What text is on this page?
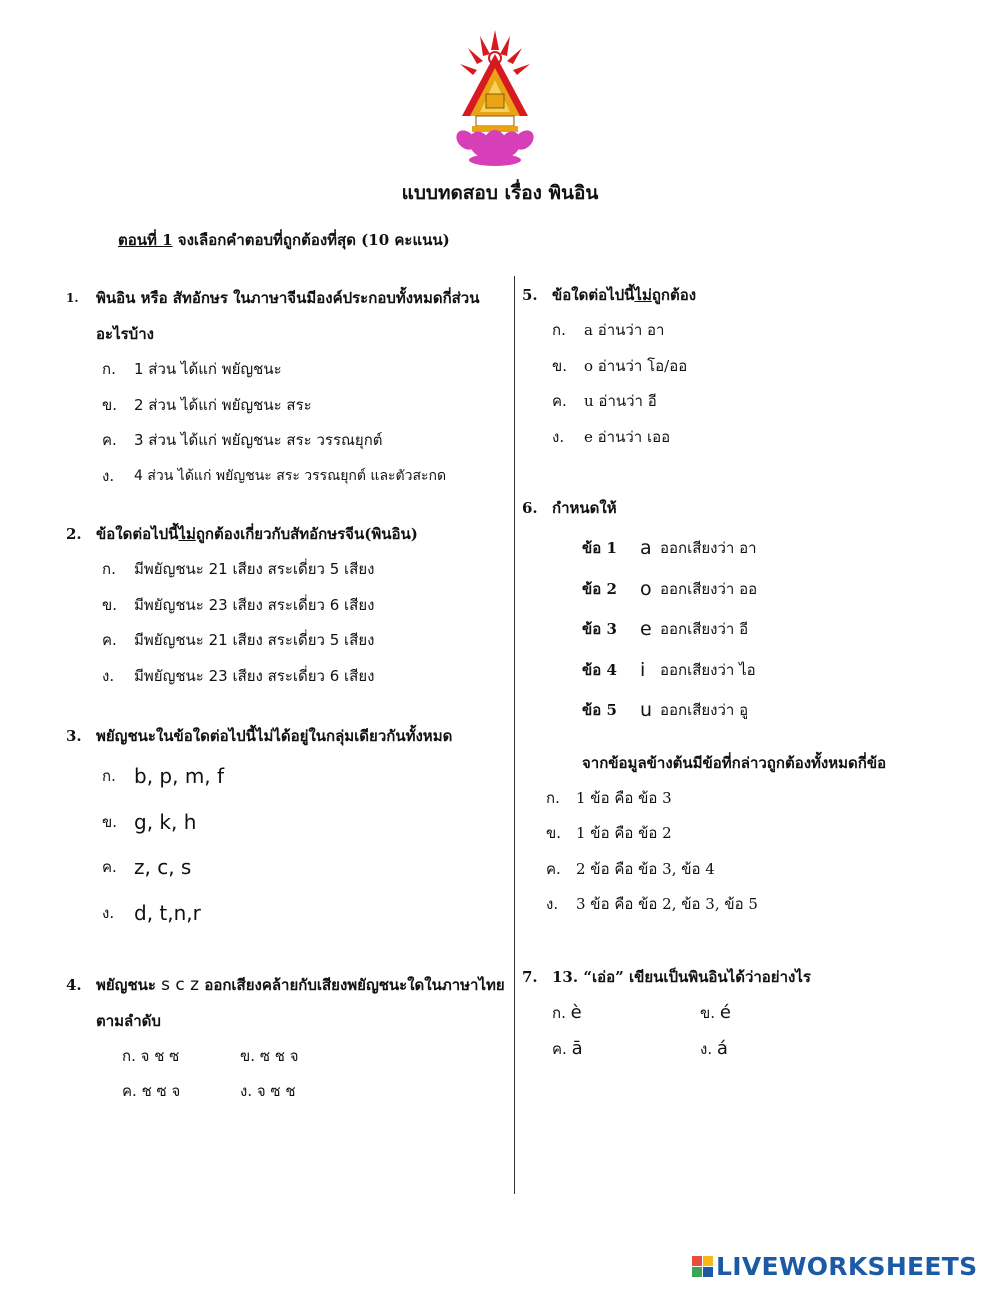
แบบทดสอบ เรื่อง พินอิน
ตอนที่ 1 จงเลือกคำตอบที่ถูกต้องที่สุด (10 คะแนน)
1.	พินอิน หรือ สัทอักษร ในภาษาจีนมีองค์ประกอบทั้งหมดกี่ส่วน อะไรบ้าง
ก.	1 ส่วน ได้แก่ พยัญชนะ
ข.	2 ส่วน ได้แก่ พยัญชนะ สระ
ค.	3 ส่วน ได้แก่ พยัญชนะ สระ วรรณยุกต์
ง.	4 ส่วน ได้แก่ พยัญชนะ สระ วรรณยุกต์ และตัวสะกด
2. ข้อใดต่อไปนี้ไม่ถูกต้องเกี่ยวกับสัทอักษรจีน(พินอิน)
ก.	มีพยัญชนะ 21 เสียง สระเดี่ยว 5 เสียง
ข.	มีพยัญชนะ 23 เสียง สระเดี่ยว 6 เสียง
ค.	มีพยัญชนะ 21 เสียง สระเดี่ยว 5 เสียง
ง.	มีพยัญชนะ 23 เสียง สระเดี่ยว 6 เสียง
3. พยัญชนะในข้อใดต่อไปนี้ไม่ได้อยู่ในกลุ่มเดียวกันทั้งหมด
ก. b, p, m, f
ข. g, k, h
ค. z, c, s
ง. d, t,n,r
4. พยัญชนะ s c z ออกเสียงคล้ายกับเสียงพยัญชนะใดในภาษาไทย ตามลำดับ
ก. จ ช ซ	ข. ซ ช จ
ค. ช ซ จ	ง. จ ซ ช
5. ข้อใดต่อไปนี้ไม่ถูกต้อง
ก.	a อ่านว่า อา
ข.	o อ่านว่า โอ/ออ
ค.	u อ่านว่า อี
ง.	e อ่านว่า เออ
6. กำหนดให้
ข้อ 1	a ออกเสียงว่า อา
ข้อ 2	o ออกเสียงว่า ออ
ข้อ 3	e ออกเสียงว่า อี
ข้อ 4	i ออกเสียงว่า ไอ
ข้อ 5	u ออกเสียงว่า อู
จากข้อมูลข้างต้นมีข้อที่กล่าวถูกต้องทั้งหมดกี่ข้อ
ก.	1 ข้อ คือ ข้อ 3
ข. 1 ข้อ คือ ข้อ 2
ค.	2 ข้อ คือ ข้อ 3, ข้อ 4
ง.	3 ข้อ คือ ข้อ 2, ข้อ 3, ข้อ 5
7. 13. “เอ่อ” เขียนเป็นพินอินได้ว่าอย่างไร
ก. è	ข. é
ค. ā	ง. á
LIVEWORKSHEETS
